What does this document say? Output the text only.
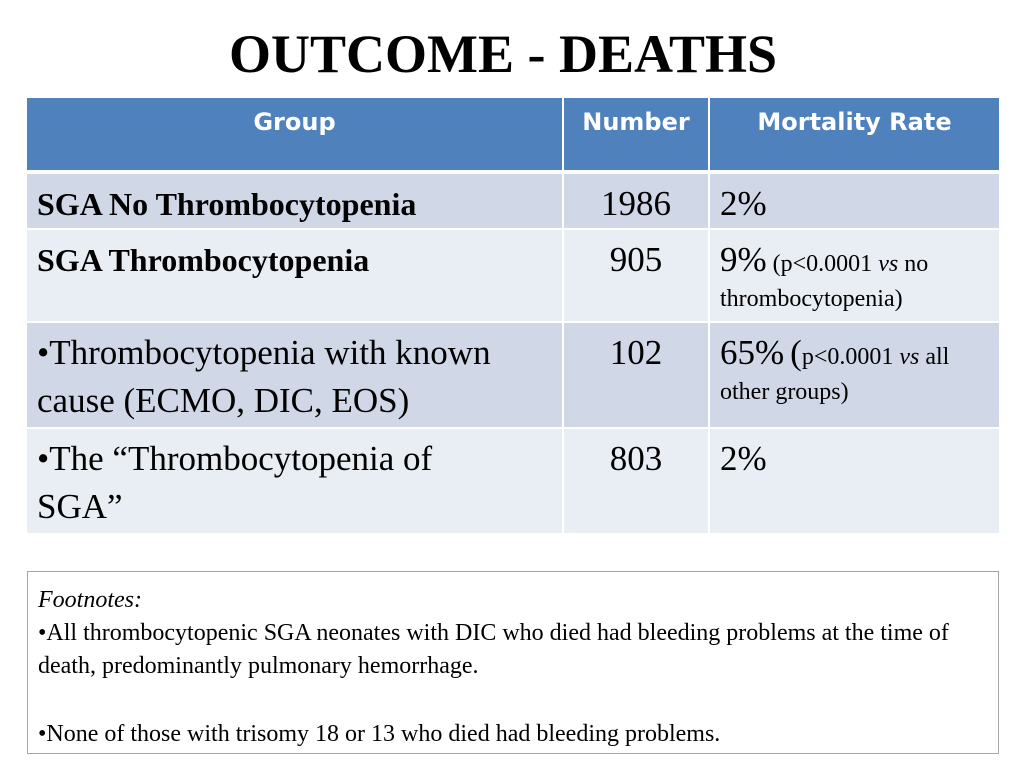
OUTCOME - DEATHS
Group	Number	Mortality Rate
SGA No Thrombocytopenia	1986	2%
SGA Thrombocytopenia	905	9% (p<0.0001 vs no thrombocytopenia)

•Thrombocytopenia with known
cause (ECMO, DIC, EOS)	102	65% (p<0.0001 vs all other groups)

•The “Thrombocytopenia of
SGA”	803	2%
Footnotes:
•All thrombocytopenic SGA neonates with DIC who died had bleeding problems at the time of death, predominantly pulmonary hemorrhage.
•None of those with trisomy 18 or 13 who died had bleeding problems.
